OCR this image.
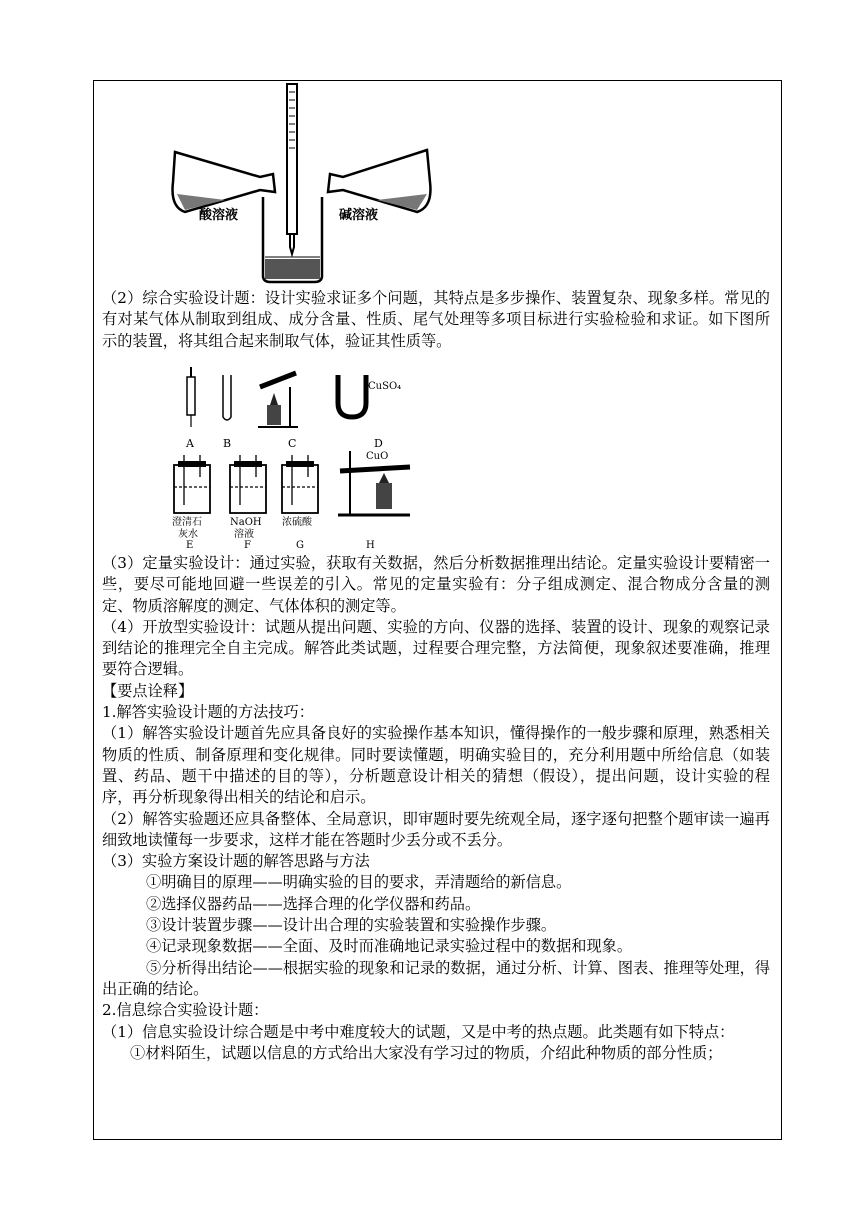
酸溶液	碱溶液

（2）综合实验设计题：设计实验求证多个问题，其特点是多步操作、装置复杂、现象多样。常见的有对某气体从制取到组成、成分含量、性质、尾气处理等多项目标进行实验检验和求证。如下图所示的装置，将其组合起来制取气体，验证其性质等。

A	B	C
CuSO₄
D
澄清石
灰水
E
NaOH
溶液
F
浓硫酸
G
CuO
H

（3）定量实验设计：通过实验，获取有关数据，然后分析数据推理出结论。定量实验设计要精密一些，要尽可能地回避一些误差的引入。常见的定量实验有：分子组成测定、混合物成分含量的测定、物质溶解度的测定、气体体积的测定等。

（4）开放型实验设计：试题从提出问题、实验的方向、仪器的选择、装置的设计、现象的观察记录到结论的推理完全自主完成。解答此类试题，过程要合理完整，方法简便，现象叙述要准确，推理要符合逻辑。

【要点诠释】

1.解答实验设计题的方法技巧：

（1）解答实验设计题首先应具备良好的实验操作基本知识，懂得操作的一般步骤和原理，熟悉相关物质的性质、制备原理和变化规律。同时要读懂题，明确实验目的，充分利用题中所给信息（如装置、药品、题干中描述的目的等），分析题意设计相关的猜想（假设），提出问题，设计实验的程序，再分析现象得出相关的结论和启示。

（2）解答实验题还应具备整体、全局意识，即审题时要先统观全局，逐字逐句把整个题审读一遍再细致地读懂每一步要求，这样才能在答题时少丢分或不丢分。

（3）实验方案设计题的解答思路与方法

①明确目的原理——明确实验的目的要求，弄清题给的新信息。

②选择仪器药品——选择合理的化学仪器和药品。

③设计装置步骤——设计出合理的实验装置和实验操作步骤。

④记录现象数据——全面、及时而准确地记录实验过程中的数据和现象。

⑤分析得出结论——根据实验的现象和记录的数据，通过分析、计算、图表、推理等处理，得出正确的结论。

2.信息综合实验设计题：

（1）信息实验设计综合题是中考中难度较大的试题，又是中考的热点题。此类题有如下特点：

①材料陌生，试题以信息的方式给出大家没有学习过的物质，介绍此种物质的部分性质；
